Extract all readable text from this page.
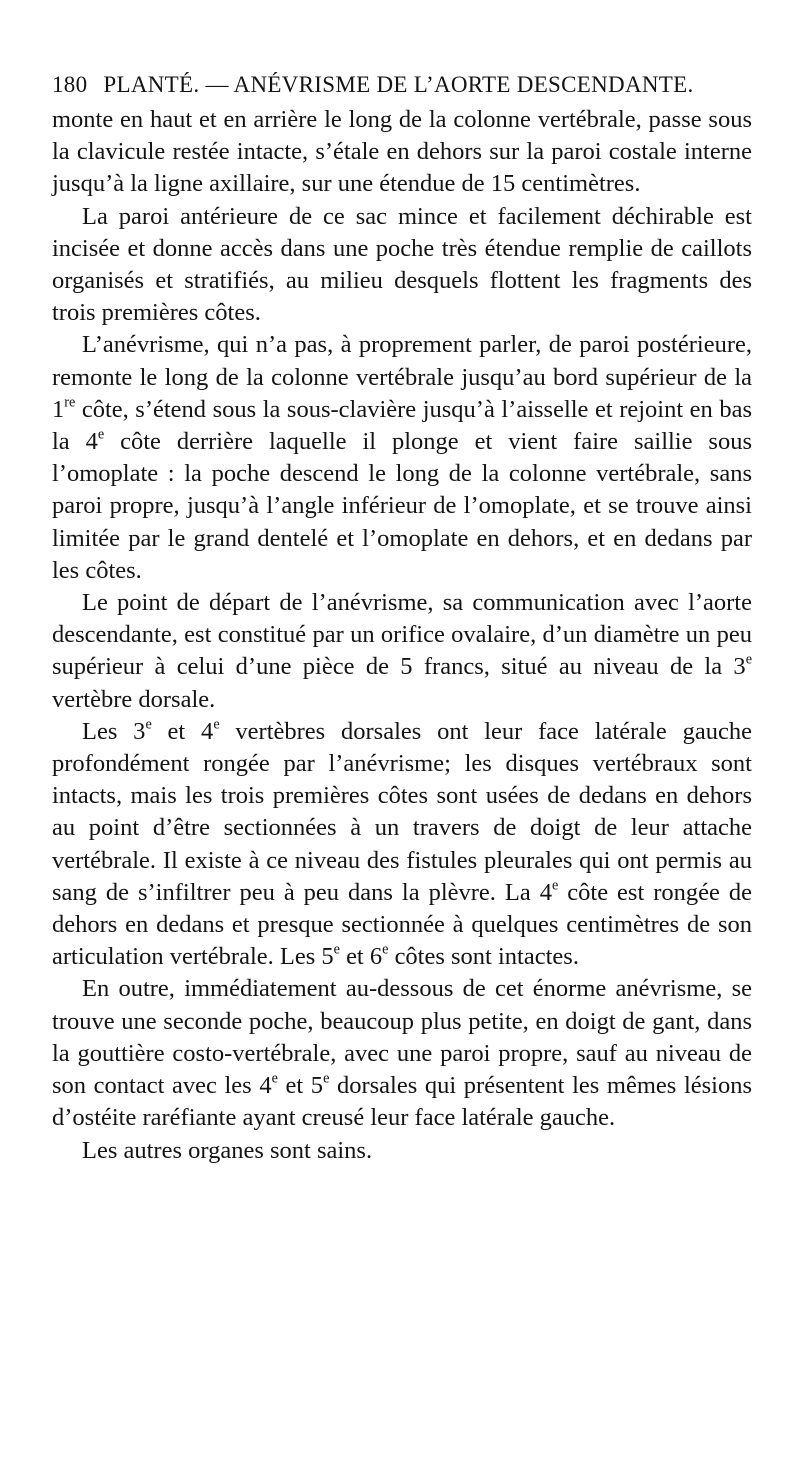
180 PLANTÉ. — ANÉVRISME DE L’AORTE DESCENDANTE.

monte en haut et en arrière le long de la colonne vertébrale, passe sous la clavicule restée intacte, s’étale en dehors sur la paroi costale interne jusqu’à la ligne axillaire, sur une étendue de 15 centimètres.

La paroi antérieure de ce sac mince et facilement déchirable est incisée et donne accès dans une poche très étendue remplie de caillots organisés et stratifiés, au milieu desquels flottent les fragments des trois premières côtes.

L’anévrisme, qui n’a pas, à proprement parler, de paroi postérieure, remonte le long de la colonne vertébrale jusqu’au bord supérieur de la 1re côte, s’étend sous la sous-clavière jusqu’à l’aisselle et rejoint en bas la 4e côte derrière laquelle il plonge et vient faire saillie sous l’omoplate : la poche descend le long de la colonne vertébrale, sans paroi propre, jusqu’à l’angle inférieur de l’omoplate, et se trouve ainsi limitée par le grand dentelé et l’omoplate en dehors, et en dedans par les côtes.

Le point de départ de l’anévrisme, sa communication avec l’aorte descendante, est constitué par un orifice ovalaire, d’un diamètre un peu supérieur à celui d’une pièce de 5 francs, situé au niveau de la 3e vertèbre dorsale.

Les 3e et 4e vertèbres dorsales ont leur face latérale gauche profondément rongée par l’anévrisme; les disques vertébraux sont intacts, mais les trois premières côtes sont usées de dedans en dehors au point d’être sectionnées à un travers de doigt de leur attache vertébrale. Il existe à ce niveau des fistules pleurales qui ont permis au sang de s’infiltrer peu à peu dans la plèvre. La 4e côte est rongée de dehors en dedans et presque sectionnée à quelques centimètres de son articulation vertébrale. Les 5e et 6e côtes sont intactes.

En outre, immédiatement au-dessous de cet énorme anévrisme, se trouve une seconde poche, beaucoup plus petite, en doigt de gant, dans la gouttière costo-vertébrale, avec une paroi propre, sauf au niveau de son contact avec les 4e et 5e dorsales qui présentent les mêmes lésions d’ostéite raréfiante ayant creusé leur face latérale gauche.

Les autres organes sont sains.
